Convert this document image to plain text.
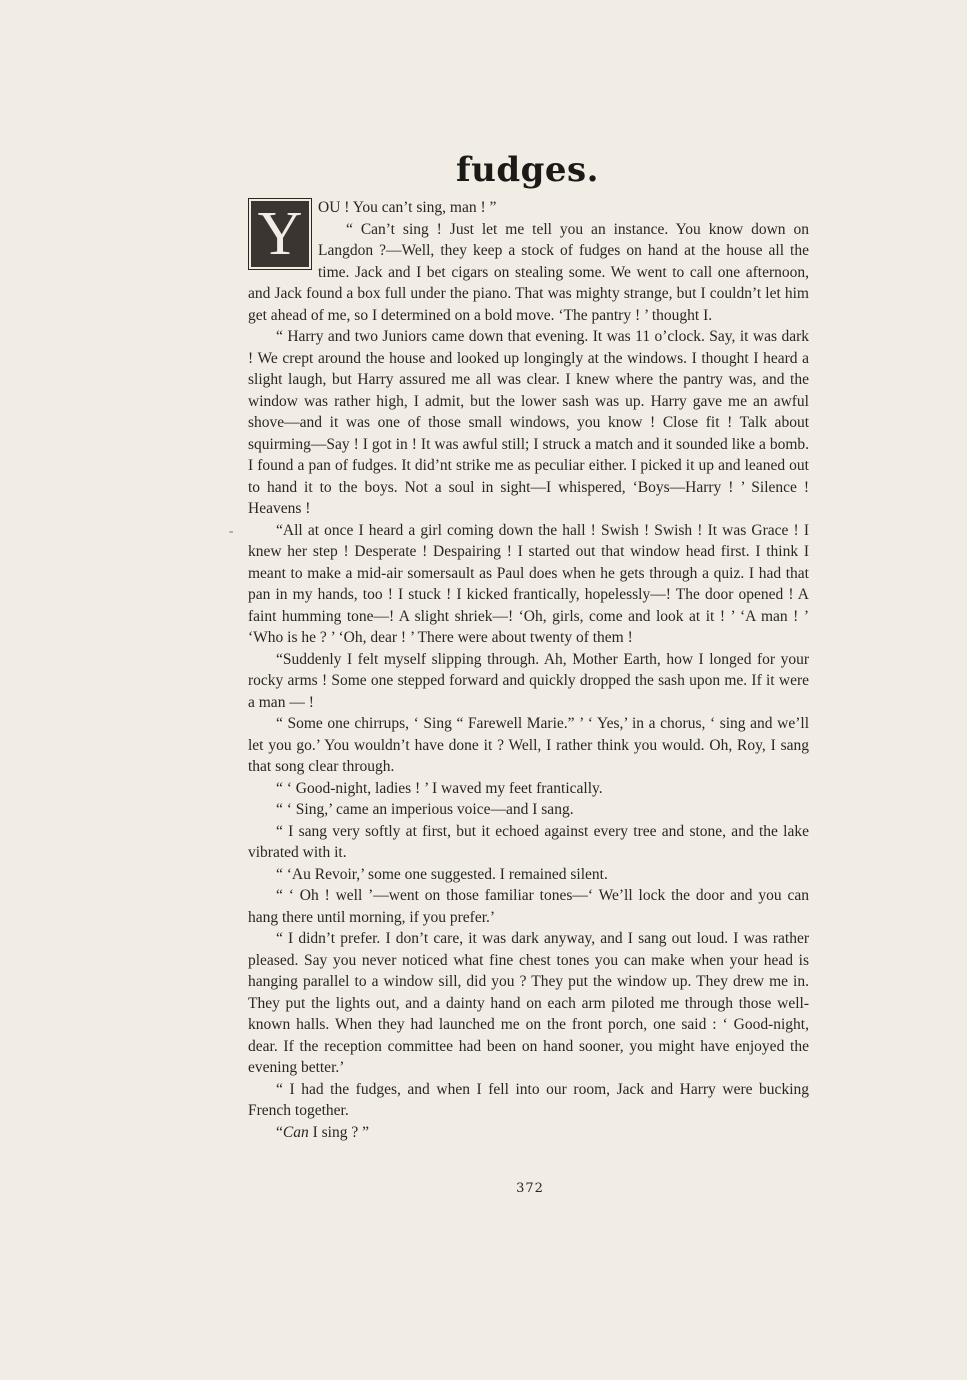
fudges.
-

Y	OU ! You can’t sing, man ! ”

“ Can’t sing ! Just let me tell you an instance. You know down on Langdon ?—Well, they keep a stock of fudges on hand at the house all the time. Jack and I bet cigars on stealing some. We went to call one afternoon, and Jack found a box full under the piano. That was mighty strange, but I couldn’t let him get ahead of me, so I determined on a bold move. ‘The pantry ! ’ thought I.

“ Harry and two Juniors came down that evening. It was 11 o’clock. Say, it was dark ! We crept around the house and looked up longingly at the windows. I thought I heard a slight laugh, but Harry assured me all was clear. I knew where the pantry was, and the window was rather high, I admit, but the lower sash was up. Harry gave me an awful shove—and it was one of those small windows, you know ! Close fit ! Talk about squirming—Say ! I got in ! It was awful still; I struck a match and it sounded like a bomb. I found a pan of fudges. It did’nt strike me as peculiar either. I picked it up and leaned out to hand it to the boys. Not a soul in sight—I whispered, ‘Boys—Harry ! ’ Silence ! Heavens !

“All at once I heard a girl coming down the hall ! Swish ! Swish ! It was Grace ! I knew her step ! Desperate ! Despairing ! I started out that window head first. I think I meant to make a mid-air somersault as Paul does when he gets through a quiz. I had that pan in my hands, too ! I stuck ! I kicked frantically, hopelessly—! The door opened ! A faint humming tone—! A slight shriek—! ‘Oh, girls, come and look at it ! ’ ‘A man ! ’ ‘Who is he ? ’ ‘Oh, dear ! ’ There were about twenty of them !

“Suddenly I felt myself slipping through. Ah, Mother Earth, how I longed for your rocky arms ! Some one stepped forward and quickly dropped the sash upon me. If it were a man — !

“ Some one chirrups, ‘ Sing “ Farewell Marie.” ’ ‘ Yes,’ in a chorus, ‘ sing and we’ll let you go.’ You wouldn’t have done it ? Well, I rather think you would. Oh, Roy, I sang that song clear through.

“ ‘ Good-night, ladies ! ’ I waved my feet frantically.

“ ‘ Sing,’ came an imperious voice—and I sang.

“ I sang very softly at first, but it echoed against every tree and stone, and the lake vibrated with it.

“ ‘Au Revoir,’ some one suggested. I remained silent.

“ ‘ Oh ! well ’—went on those familiar tones—‘ We’ll lock the door and you can hang there until morning, if you prefer.’

“ I didn’t prefer. I don’t care, it was dark anyway, and I sang out loud. I was rather pleased. Say you never noticed what fine chest tones you can make when your head is hanging parallel to a window sill, did you ? They put the window up. They drew me in. They put the lights out, and a dainty hand on each arm piloted me through those well-known halls. When they had launched me on the front porch, one said : ‘ Good-night, dear. If the reception committee had been on hand sooner, you might have enjoyed the evening better.’

“ I had the fudges, and when I fell into our room, Jack and Harry were bucking French together.

“Can I sing ? ”

372
